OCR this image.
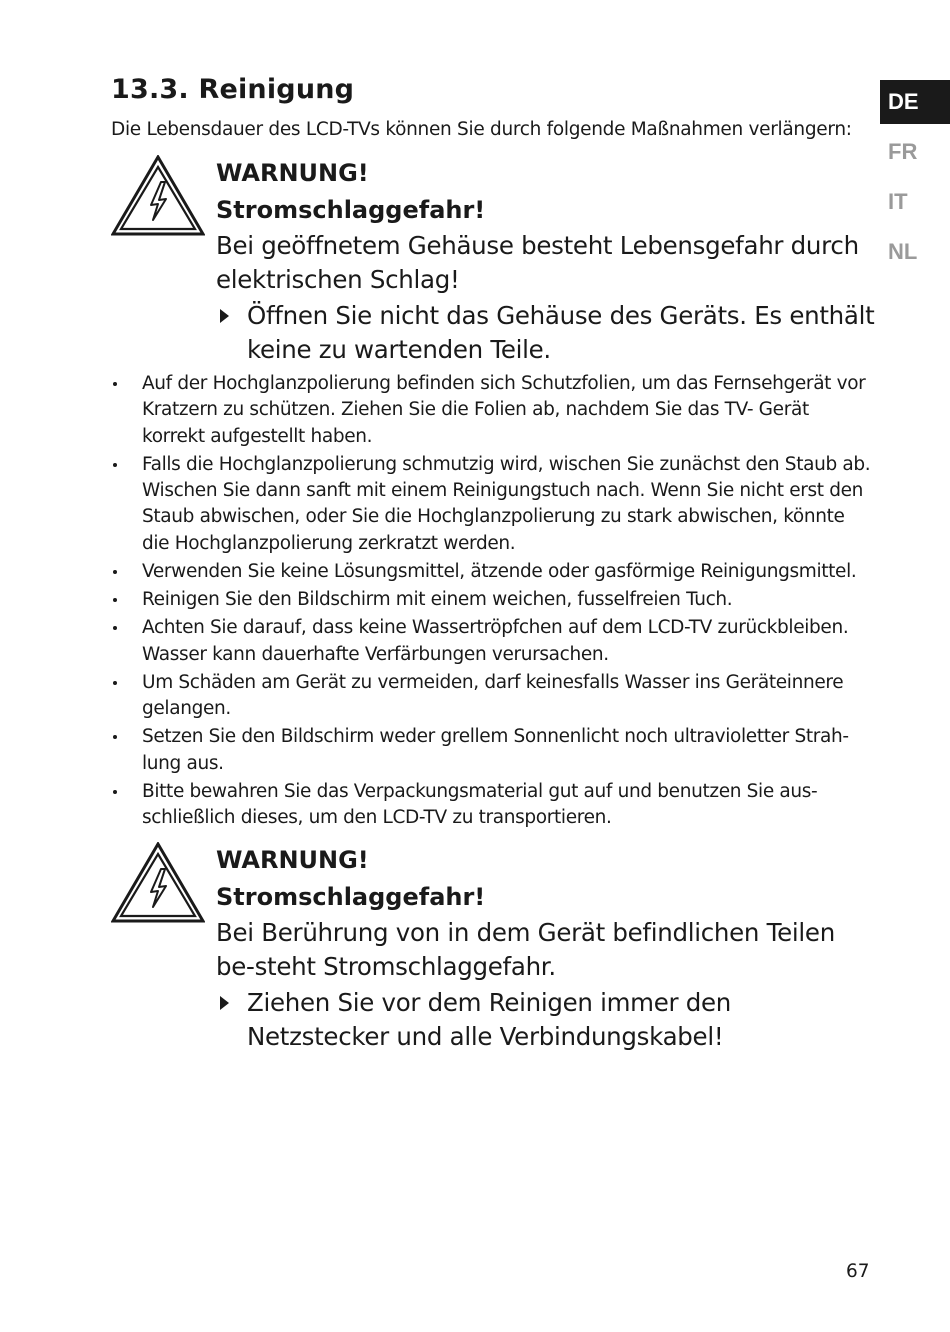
13.3. Reinigung
Die Lebensdauer des LCD-TVs können Sie durch folgende Maßnahmen verlängern:
DE
FR
IT
NL
WARNUNG!
Stromschlaggefahr!
Bei geöffnetem Gehäuse besteht Lebensgefahr durch elektrischen Schlag!
Öffnen Sie nicht das Gehäuse des Geräts. Es enthält keine zu wartenden Teile.
Auf der Hochglanzpolierung befinden sich Schutzfolien, um das Fernsehgerät vor Kratzern zu schützen. Ziehen Sie die Folien ab, nachdem Sie das TV- Gerät korrekt aufgestellt haben.
Falls die Hochglanzpolierung schmutzig wird, wischen Sie zunächst den Staub ab. Wischen Sie dann sanft mit einem Reinigungstuch nach. Wenn Sie nicht erst den Staub abwischen, oder Sie die Hochglanzpolierung zu stark abwischen, könnte die Hochglanzpolierung zerkratzt werden.
Verwenden Sie keine Lösungsmittel, ätzende oder gasförmige Reinigungsmittel.
Reinigen Sie den Bildschirm mit einem weichen, fusselfreien Tuch.
Achten Sie darauf, dass keine Wassertröpfchen auf dem LCD-TV zurückbleiben. Wasser kann dauerhafte Verfärbungen verursachen.
Um Schäden am Gerät zu vermeiden, darf keinesfalls Wasser ins Geräteinnere gelangen.
Setzen Sie den Bildschirm weder grellem Sonnenlicht noch ultravioletter Strah-lung aus.
Bitte bewahren Sie das Verpackungsmaterial gut auf und benutzen Sie aus-schließlich dieses, um den LCD-TV zu transportieren.
WARNUNG!
Stromschlaggefahr!
Bei Berührung von in dem Gerät befindlichen Teilen be-steht Stromschlaggefahr.
Ziehen Sie vor dem Reinigen immer den Netzstecker und alle Verbindungskabel!
67
